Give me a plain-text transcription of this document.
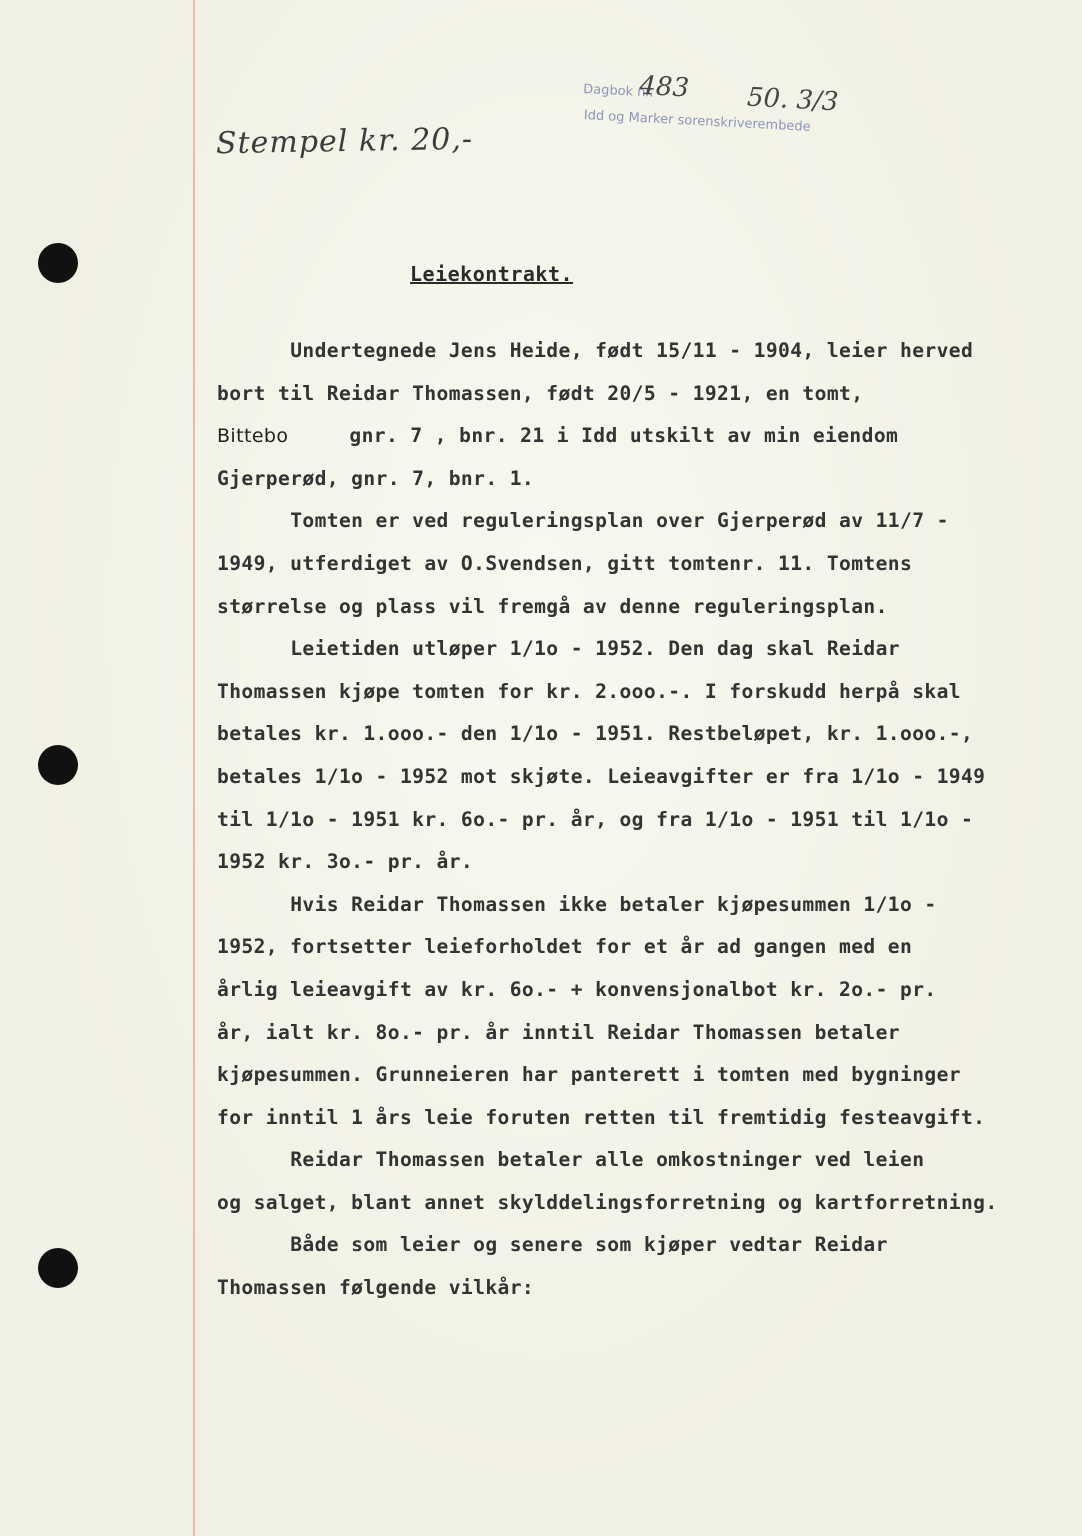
Stempel kr. 20,-
Dagbok nr.
Idd og Marker sorenskriverembede
483 50. 3/3
Leiekontrakt.
Undertegnede Jens Heide, født 15/11 - 1904, leier herved
bort til Reidar Thomassen, født 20/5 - 1921, en tomt,
Bittebo     gnr. 7 , bnr. 21 i Idd utskilt av min eiendom
Gjerperød, gnr. 7, bnr. 1.
Tomten er ved reguleringsplan over Gjerperød av 11/7 -
1949, utferdiget av O.Svendsen, gitt tomtenr. 11. Tomtens
størrelse og plass vil fremgå av denne reguleringsplan.
Leietiden utløper 1/1o - 1952. Den dag skal Reidar
Thomassen kjøpe tomten for kr. 2.ooo.-. I forskudd herpå skal
betales kr. 1.ooo.- den 1/1o - 1951. Restbeløpet, kr. 1.ooo.-,
betales 1/1o - 1952 mot skjøte. Leieavgifter er fra 1/1o - 1949
til 1/1o - 1951 kr. 6o.- pr. år, og fra 1/1o - 1951 til 1/1o -
1952 kr. 3o.- pr. år.
Hvis Reidar Thomassen ikke betaler kjøpesummen 1/1o -
1952, fortsetter leieforholdet for et år ad gangen med en
årlig leieavgift av kr. 6o.- + konvensjonalbot kr. 2o.- pr.
år, ialt kr. 8o.- pr. år inntil Reidar Thomassen betaler
kjøpesummen. Grunneieren har panterett i tomten med bygninger
for inntil 1 års leie foruten retten til fremtidig festeavgift.
Reidar Thomassen betaler alle omkostninger ved leien
og salget, blant annet skylddelingsforretning og kartforretning.
Både som leier og senere som kjøper vedtar Reidar
Thomassen følgende vilkår:
